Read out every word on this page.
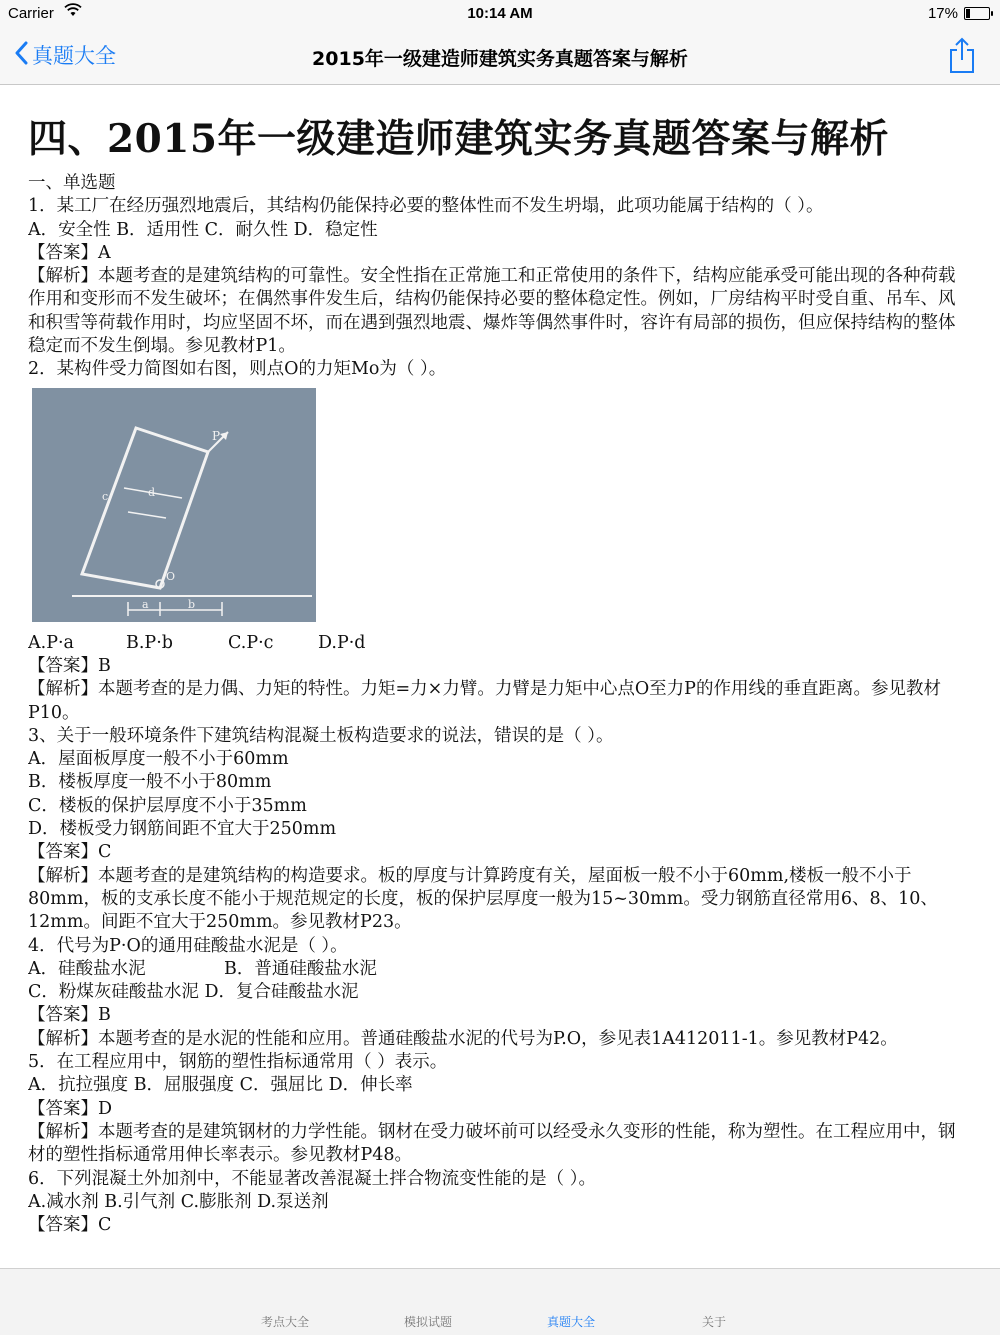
Carrier	10:14 AM	17%
真题大全	2015年一级建造师建筑实务真题答案与解析
四、2015年一级建造师建筑实务真题答案与解析

一、单选题

1．某工厂在经历强烈地震后，其结构仍能保持必要的整体性而不发生坍塌，此项功能属于结构的（ ）。

A．安全性 B．适用性 C．耐久性 D．稳定性

【答案】A

【解析】本题考查的是建筑结构的可靠性。安全性指在正常施工和正常使用的条件下，结构应能承受可能出现的各种荷载作用和变形而不发生破坏；在偶然事件发生后，结构仍能保持必要的整体稳定性。例如，厂房结构平时受自重、吊车、风和积雪等荷载作用时，均应坚固不坏，而在遇到强烈地震、爆炸等偶然事件时，容许有局部的损伤，但应保持结构的整体稳定而不发生倒塌。参见教材P1。

2．某构件受力简图如右图，则点O的力矩Mo为（ ）。

P
c	d
O
a	b

A.P·a	B.P·b	C.P·c	D.P·d

【答案】B

【解析】本题考查的是力偶、力矩的特性。力矩=力×力臂。力臂是力矩中心点O至力P的作用线的垂直距离。参见教材P10。

3、关于一般环境条件下建筑结构混凝土板构造要求的说法，错误的是（ ）。

A．屋面板厚度一般不小于60mm

B．楼板厚度一般不小于80mm

C．楼板的保护层厚度不小于35mm

D．楼板受力钢筋间距不宜大于250mm

【答案】C

【解析】本题考查的是建筑结构的构造要求。板的厚度与计算跨度有关，屋面板一般不小于60mm,楼板一般不小于80mm，板的支承长度不能小于规范规定的长度，板的保护层厚度一般为15~30mm。受力钢筋直径常用6、8、10、12mm。间距不宜大于250mm。参见教材P23。

4．代号为P·O的通用硅酸盐水泥是（ ）。

A．硅酸盐水泥	B．普通硅酸盐水泥

C．粉煤灰硅酸盐水泥 D．复合硅酸盐水泥

【答案】B

【解析】本题考查的是水泥的性能和应用。普通硅酸盐水泥的代号为P.O，参见表1A412011-1。参见教材P42。

5．在工程应用中，钢筋的塑性指标通常用（ ）表示。

A．抗拉强度 B．屈服强度 C．强屈比 D．伸长率

【答案】D

【解析】本题考查的是建筑钢材的力学性能。钢材在受力破坏前可以经受永久变形的性能，称为塑性。在工程应用中，钢材的塑性指标通常用伸长率表示。参见教材P48。

6．下列混凝土外加剂中，不能显著改善混凝土拌合物流变性能的是（ ）。

A.减水剂 B.引气剂 C.膨胀剂 D.泵送剂

【答案】C

考点大全	模拟试题	真题大全	关于
